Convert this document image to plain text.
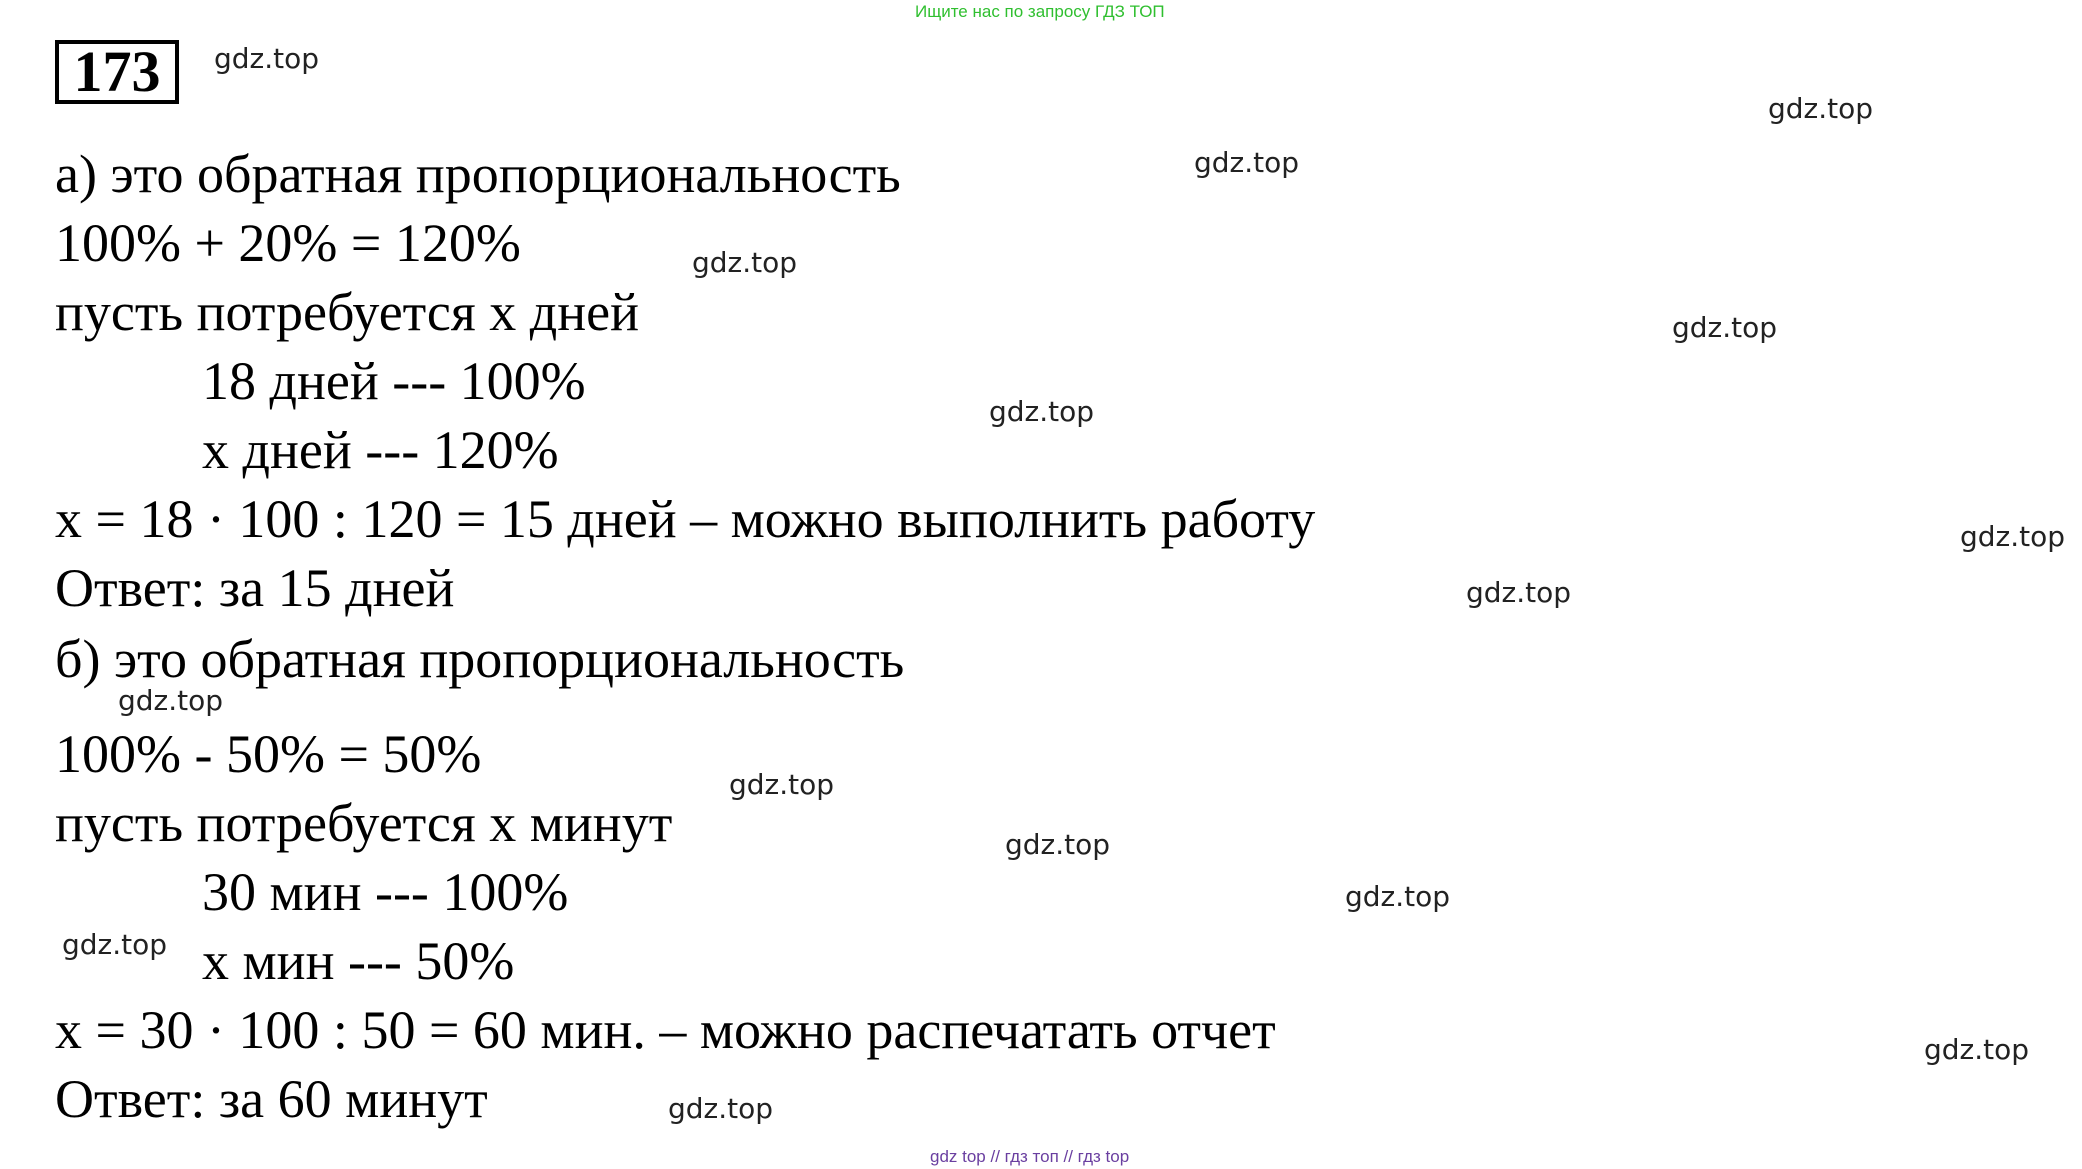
Ищите нас по запросу ГДЗ ТОП
173
а) это обратная пропорциональность
100% + 20% = 120%
пусть потребуется х дней
18 дней --- 100%
х дней --- 120%
х = 18 · 100 : 120 = 15 дней – можно выполнить работу
Ответ: за 15 дней
б) это обратная пропорциональность
100% - 50% = 50%
пусть потребуется х минут
30 мин --- 100%
х мин --- 50%
х = 30 · 100 : 50 = 60 мин. – можно распечатать отчет
Ответ: за 60 минут
gdz.top
gdz.top
gdz.top
gdz.top
gdz.top
gdz.top
gdz.top
gdz.top
gdz.top
gdz.top
gdz.top
gdz.top
gdz.top
gdz.top
gdz.top
gdz top // гдз топ // гдз top
